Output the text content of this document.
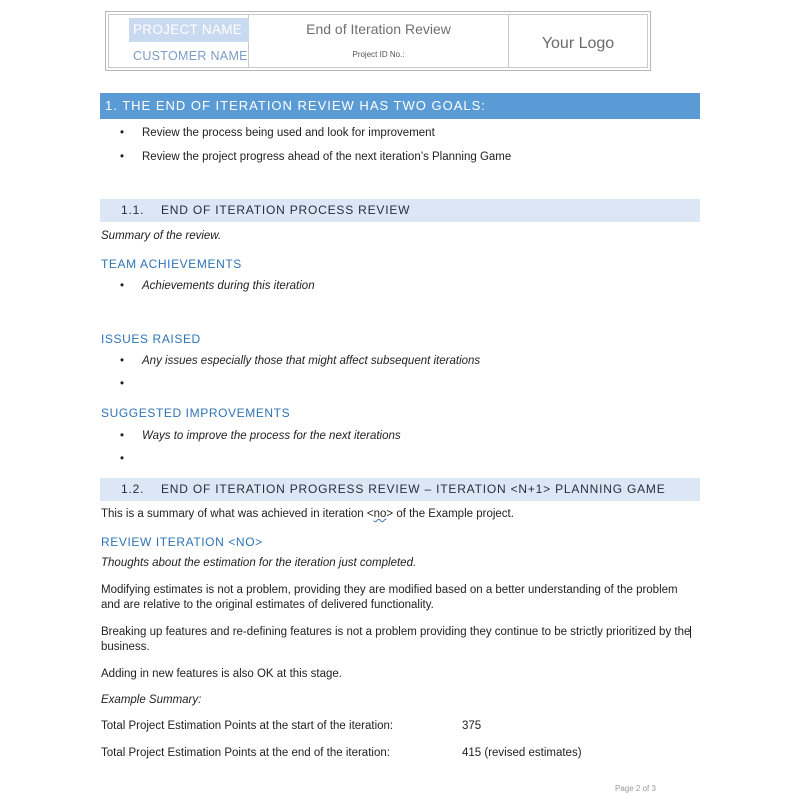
PROJECT NAME
CUSTOMER NAME
End of Iteration Review
Project ID No.:
Your Logo
1. THE END OF ITERATION REVIEW HAS TWO GOALS:
• Review the process being used and look for improvement
• Review the project progress ahead of the next iteration’s Planning Game
1.1. END OF ITERATION PROCESS REVIEW
Summary of the review.
TEAM ACHIEVEMENTS
• Achievements during this iteration
ISSUES RAISED
• Any issues especially those that might affect subsequent iterations
•
SUGGESTED IMPROVEMENTS
• Ways to improve the process for the next iterations
•
1.2. END OF ITERATION PROGRESS REVIEW – ITERATION <N+1> PLANNING GAME
This is a summary of what was achieved in iteration <no> of the Example project.
REVIEW ITERATION <NO>
Thoughts about the estimation for the iteration just completed.
Modifying estimates is not a problem, providing they are modified based on a better understanding of the problem and are relative to the original estimates of delivered functionality.
Breaking up features and re-defining features is not a problem providing they continue to be strictly prioritized by the business.
Adding in new features is also OK at this stage.
Example Summary:
Total Project Estimation Points at the start of the iteration:	375
Total Project Estimation Points at the end of the iteration:	415 (revised estimates)
Page 2 of 3
